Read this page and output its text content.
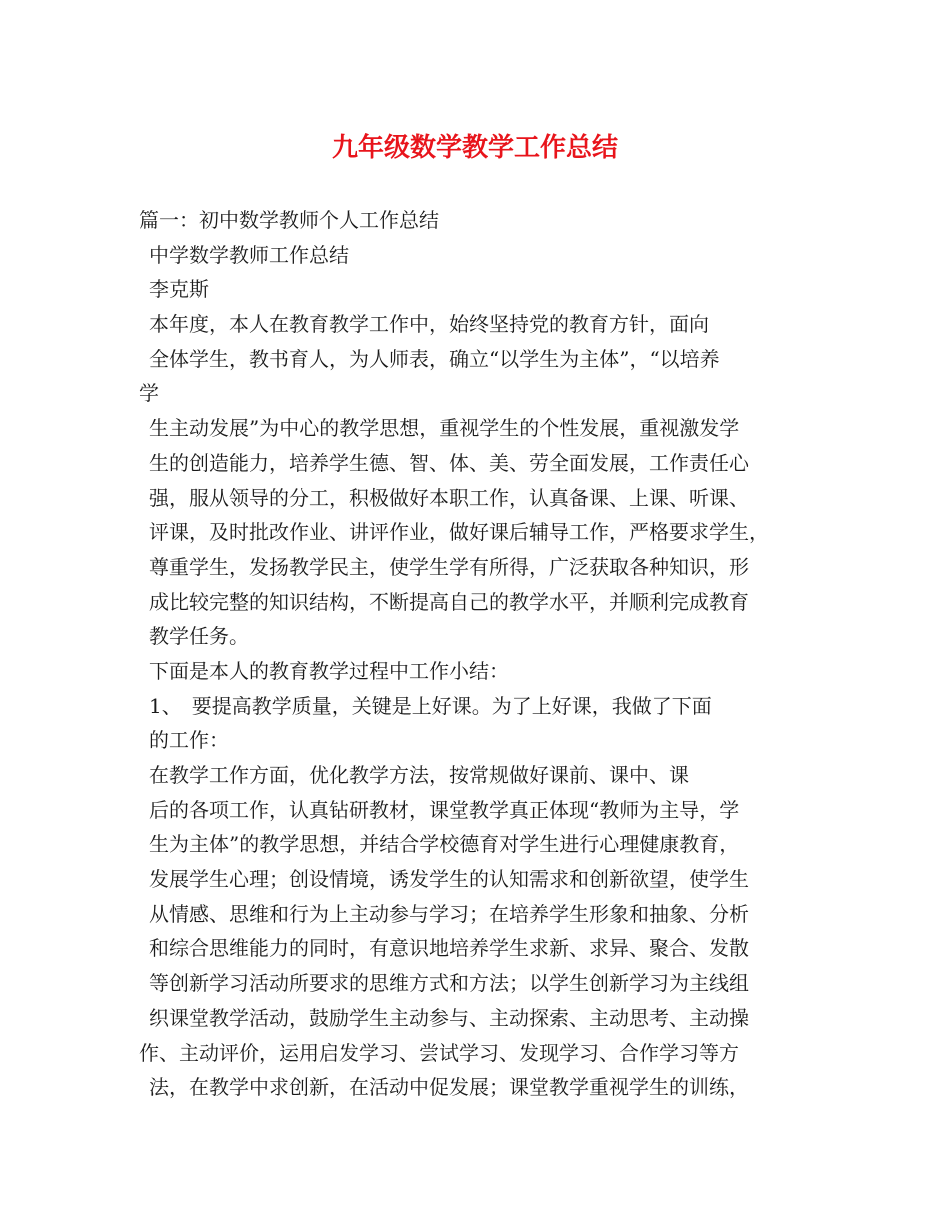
九年级数学教学工作总结
篇一：初中数学教师个人工作总结
中学数学教师工作总结
李克斯
本年度，本人在教育教学工作中，始终坚持党的教育方针，面向
全体学生，教书育人，为人师表，确立“以学生为主体”，“以培养
学
生主动发展”为中心的教学思想，重视学生的个性发展，重视激发学
生的创造能力，培养学生德、智、体、美、劳全面发展，工作责任心
强，服从领导的分工，积极做好本职工作，认真备课、上课、听课、
评课，及时批改作业、讲评作业，做好课后辅导工作，严格要求学生，
尊重学生，发扬教学民主，使学生学有所得，广泛获取各种知识，形
成比较完整的知识结构，不断提高自己的教学水平，并顺利完成教育
教学任务。
下面是本人的教育教学过程中工作小结：
1、　要提高教学质量，关键是上好课。为了上好课，我做了下面
的工作：
在教学工作方面，优化教学方法，按常规做好课前、课中、课
后的各项工作，认真钻研教材，课堂教学真正体现“教师为主导，学
生为主体”的教学思想，并结合学校德育对学生进行心理健康教育，
发展学生心理；创设情境，诱发学生的认知需求和创新欲望，使学生
从情感、思维和行为上主动参与学习；在培养学生形象和抽象、分析
和综合思维能力的同时，有意识地培养学生求新、求异、聚合、发散
等创新学习活动所要求的思维方式和方法；以学生创新学习为主线组
织课堂教学活动，鼓励学生主动参与、主动探索、主动思考、主动操
作、主动评价，运用启发学习、尝试学习、发现学习、合作学习等方
法，在教学中求创新，在活动中促发展；课堂教学重视学生的训练，
